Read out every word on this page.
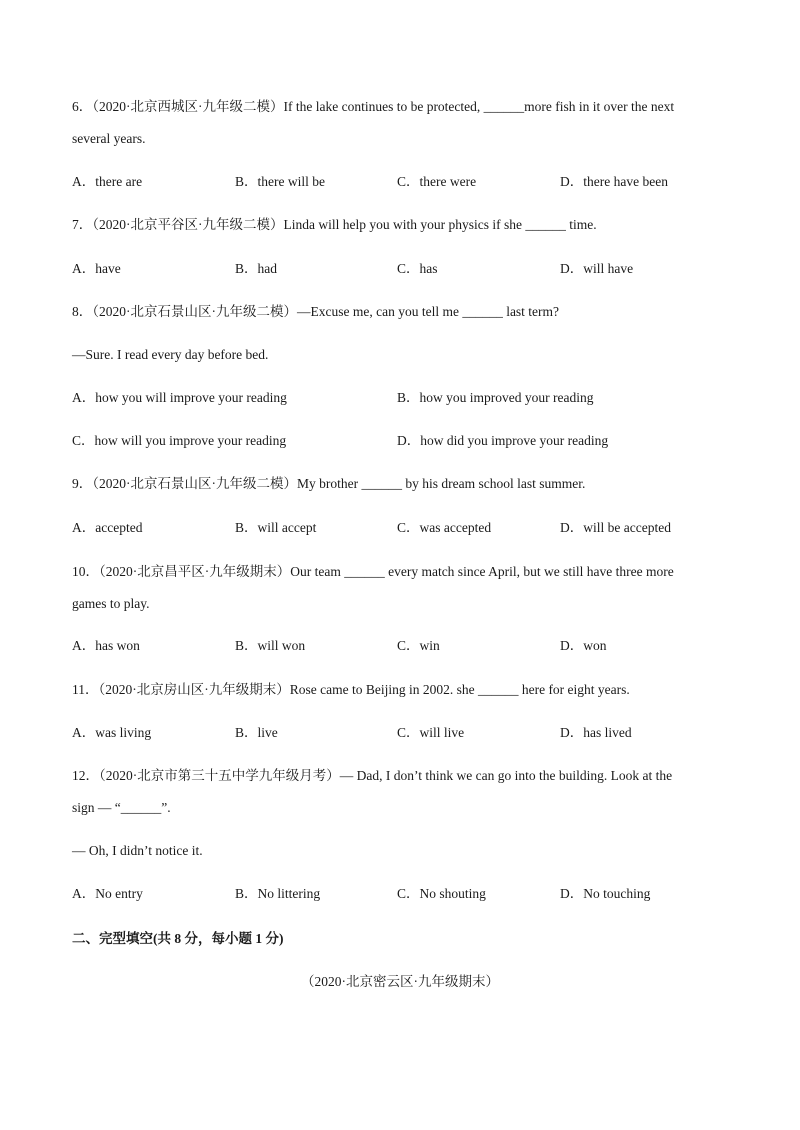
6．（2020·北京西城区·九年级二模）If the lake continues to be protected, ______more fish in it over the next
several years.
A．there are	B．there will be	C．there were	D．there have been
7．（2020·北京平谷区·九年级二模）Linda will help you with your physics if she ______ time.
A．have	B．had	C．has	D．will have
8．（2020·北京石景山区·九年级二模）—Excuse me, can you tell me ______ last term?
—Sure. I read every day before bed.
A．how you will improve your reading	B．how you improved your reading
C．how will you improve your reading	D．how did you improve your reading
9．（2020·北京石景山区·九年级二模）My brother ______ by his dream school last summer.
A．accepted	B．will accept	C．was accepted	D．will be accepted
10．（2020·北京昌平区·九年级期末）Our team ______ every match since April, but we still have three more
games to play.
A．has won	B．will won	C．win	D．won
11．（2020·北京房山区·九年级期末）Rose came to Beijing in 2002. she ______ here for eight years.
A．was living	B．live	C．will live	D．has lived
12．（2020·北京市第三十五中学九年级月考）— Dad, I don’t think we can go into the building. Look at the
sign — “______”.
— Oh, I didn’t notice it.
A．No entry	B．No littering	C．No shouting	D．No touching
二、完型填空(共 8 分，每小题 1 分)
（2020·北京密云区·九年级期末）
